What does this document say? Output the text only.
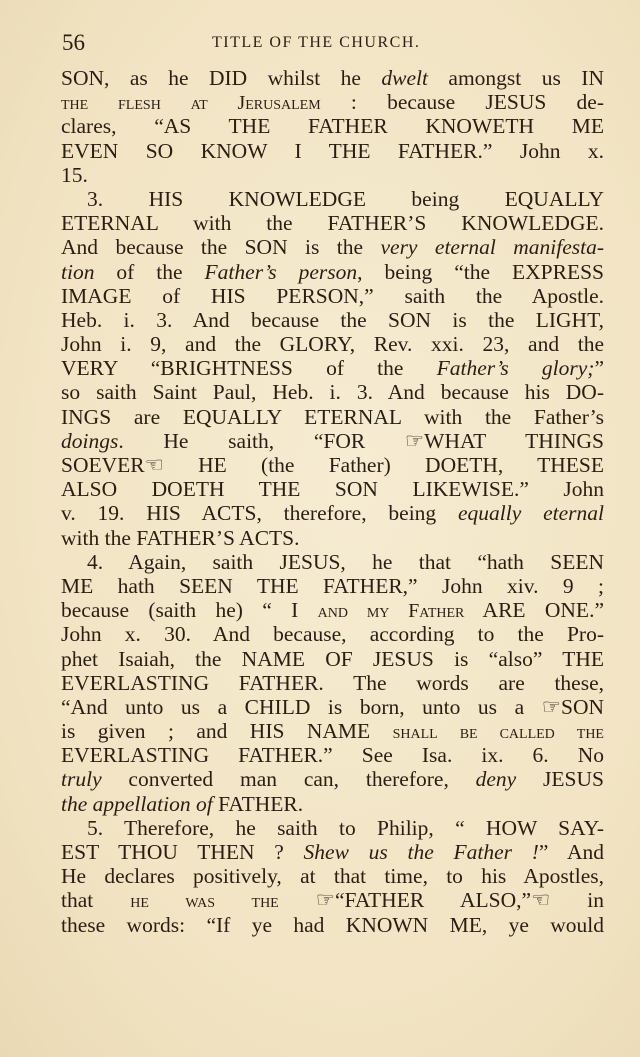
56	TITLE OF THE CHURCH.
SON, as he DID whilst he dwelt amongst us IN
the flesh at Jerusalem : because JESUS de-
clares, “AS THE FATHER KNOWETH ME
EVEN SO KNOW I THE FATHER.” John x.
15.
3. HIS KNOWLEDGE being EQUALLY
ETERNAL with the FATHER’S KNOWLEDGE.
And because the SON is the very eternal manifesta-
tion of the Father’s person, being “the EXPRESS
IMAGE of HIS PERSON,” saith the Apostle.
Heb. i. 3. And because the SON is the LIGHT,
John i. 9, and the GLORY, Rev. xxi. 23, and the
VERY “BRIGHTNESS of the Father’s glory;”
so saith Saint Paul, Heb. i. 3. And because his DO-
INGS are EQUALLY ETERNAL with the Father’s
doings. He saith, “FOR ☞WHAT THINGS
SOEVER☜ HE (the Father) DOETH, THESE
ALSO DOETH THE SON LIKEWISE.” John
v. 19. HIS ACTS, therefore, being equally eternal
with the FATHER’S ACTS.
4. Again, saith JESUS, he that “hath SEEN
ME hath SEEN THE FATHER,” John xiv. 9 ;
because (saith he) “ I and my Father ARE ONE.”
John x. 30. And because, according to the Pro-
phet Isaiah, the NAME OF JESUS is “also” THE
EVERLASTING FATHER. The words are these,
“And unto us a CHILD is born, unto us a ☞SON
is given ; and HIS NAME shall be called the
EVERLASTING FATHER.” See Isa. ix. 6. No
truly converted man can, therefore, deny JESUS
the appellation of FATHER.
5. Therefore, he saith to Philip, “ HOW SAY-
EST THOU THEN ? Shew us the Father !” And
He declares positively, at that time, to his Apostles,
that he was the ☞“FATHER ALSO,”☜ in
these words: “If ye had KNOWN ME, ye would
